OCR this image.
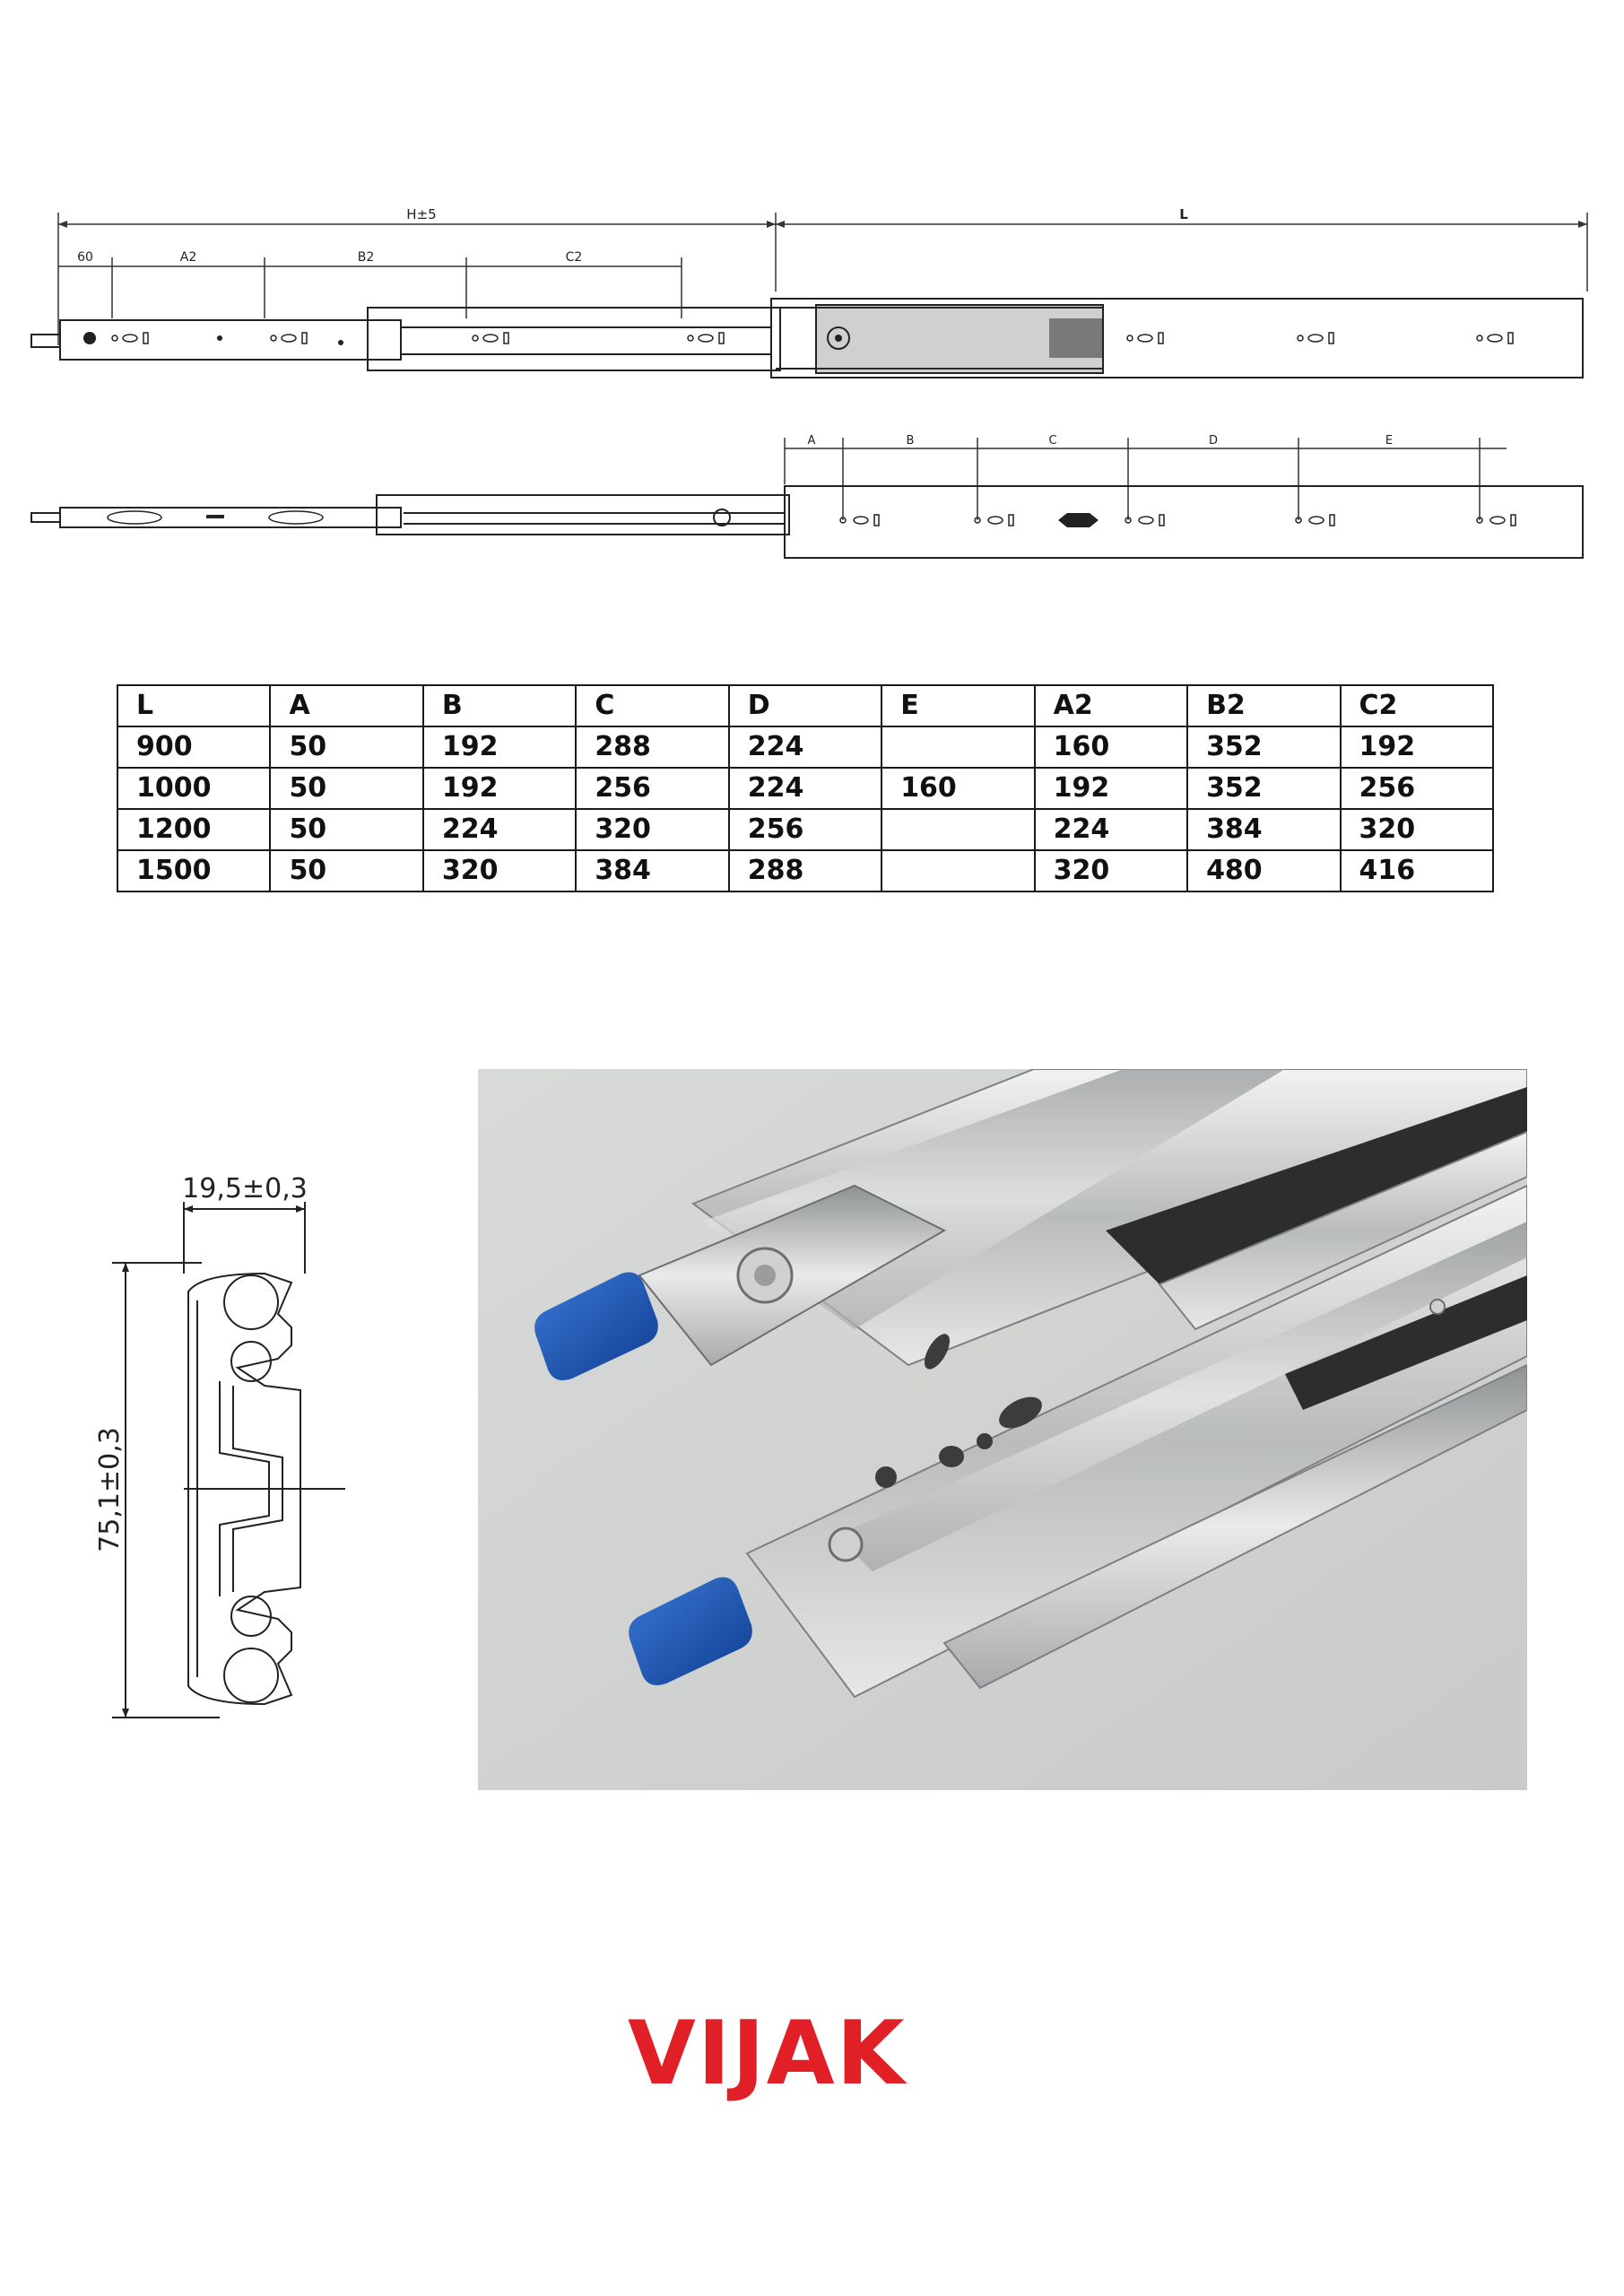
H±5	L
60	A2	B2	C2
A	B	C	D	E
L	A	B	C	D	E	A2	B2	C2
900	50	192	288	224		160	352	192
1000	50	192	256	224	160	192	352	256
1200	50	224	320	256		224	384	320
1500	50	320	384	288		320	480	416
19,5±0,3
75,1±0,3
VIJAK
